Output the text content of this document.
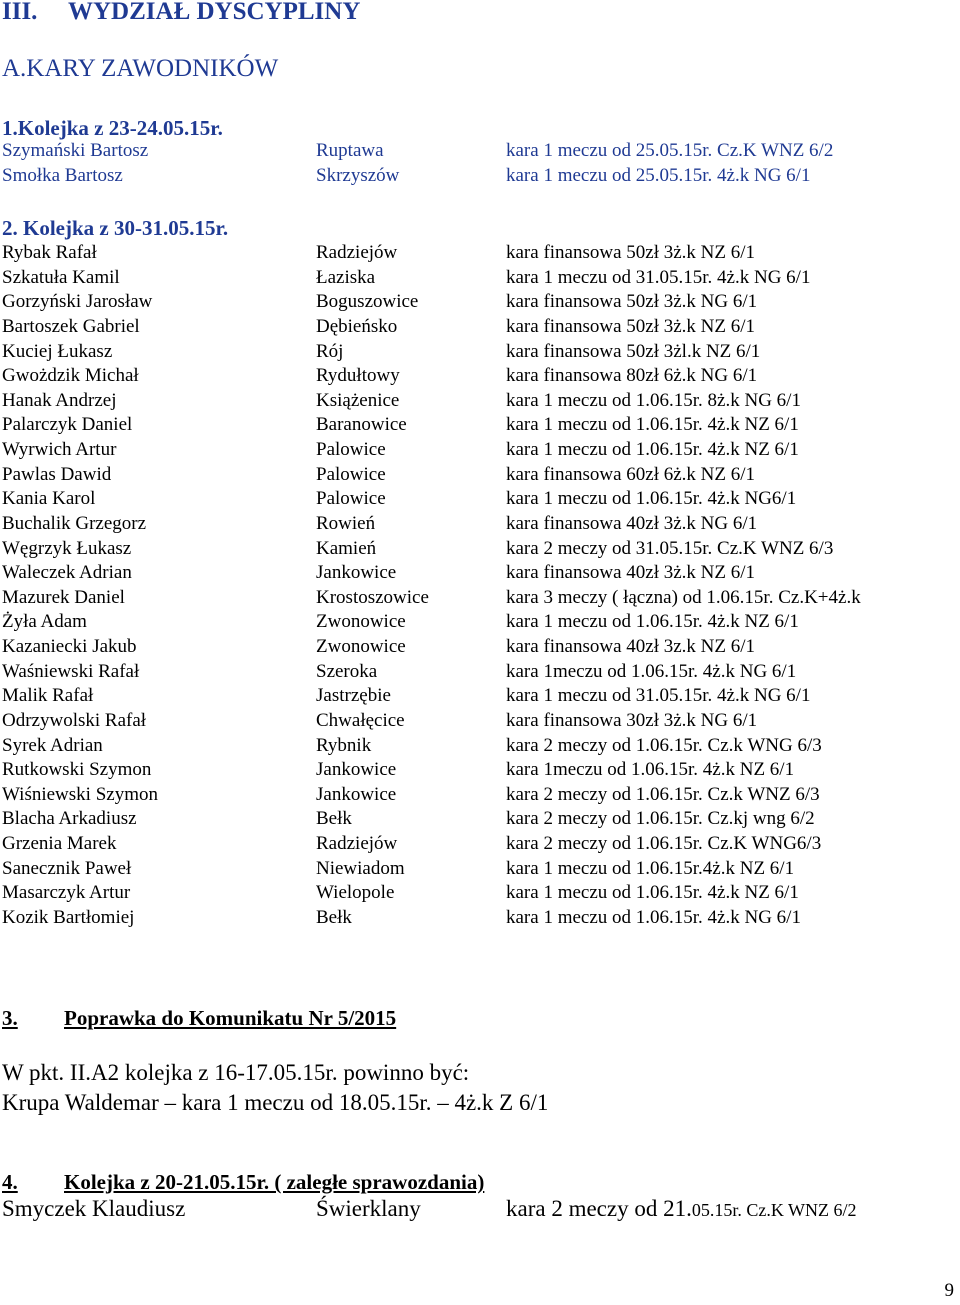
III. WYDZIAŁ DYSCYPLINY
A.KARY ZAWODNIKÓW
1.Kolejka z 23-24.05.15r.
Szymański Bartosz	Ruptawa	kara 1 meczu od 25.05.15r. Cz.K WNZ 6/2
Smołka Bartosz	Skrzyszów	kara 1 meczu od 25.05.15r. 4ż.k NG 6/1
2. Kolejka z 30-31.05.15r.
Rybak Rafał	Radziejów	kara finansowa 50zł 3ż.k NZ 6/1
Szkatuła Kamil	Łaziska	kara 1 meczu od 31.05.15r. 4ż.k NG 6/1
Gorzyński Jarosław	Boguszowice	kara finansowa 50zł 3ż.k NG 6/1
Bartoszek Gabriel	Dębieńsko	kara finansowa 50zł 3ż.k NZ 6/1
Kuciej Łukasz	Rój	kara finansowa 50zł 3żl.k NZ 6/1
Gwożdzik Michał	Rydułtowy	kara finansowa 80zł 6ż.k NG 6/1
Hanak Andrzej	Książenice	kara 1 meczu od 1.06.15r. 8ż.k NG 6/1
Palarczyk Daniel	Baranowice	kara 1 meczu od 1.06.15r. 4ż.k NZ 6/1
Wyrwich Artur	Palowice	kara 1 meczu od 1.06.15r. 4ż.k NZ 6/1
Pawlas Dawid	Palowice	kara finansowa 60zł 6ż.k NZ 6/1
Kania Karol	Palowice	kara 1 meczu od 1.06.15r. 4ż.k NG6/1
Buchalik Grzegorz	Rowień	kara finansowa 40zł 3ż.k NG 6/1
Węgrzyk Łukasz	Kamień	kara 2 meczy od 31.05.15r. Cz.K WNZ 6/3
Waleczek Adrian	Jankowice	kara finansowa 40zł 3ż.k NZ 6/1
Mazurek Daniel	Krostoszowice	kara 3 meczy ( łączna) od 1.06.15r. Cz.K+4ż.k
Żyła Adam	Zwonowice	kara 1 meczu od 1.06.15r. 4ż.k NZ 6/1
Kazaniecki Jakub	Zwonowice	kara finansowa 40zł 3z.k NZ 6/1
Waśniewski Rafał	Szeroka	kara 1meczu od 1.06.15r. 4ż.k NG 6/1
Malik Rafał	Jastrzębie	kara 1 meczu od 31.05.15r. 4ż.k NG 6/1
Odrzywolski Rafał	Chwałęcice	kara finansowa 30zł 3ż.k NG 6/1
Syrek Adrian	Rybnik	kara 2 meczy od 1.06.15r. Cz.k WNG 6/3
Rutkowski Szymon	Jankowice	kara 1meczu od 1.06.15r. 4ż.k NZ 6/1
Wiśniewski Szymon	Jankowice	kara 2 meczy od 1.06.15r. Cz.k WNZ 6/3
Blacha Arkadiusz	Bełk	kara 2 meczy od 1.06.15r. Cz.kj wng 6/2
Grzenia Marek	Radziejów	kara 2 meczy od 1.06.15r. Cz.K WNG6/3
Sanecznik Paweł	Niewiadom	kara 1 meczu od 1.06.15r.4ż.k NZ 6/1
Masarczyk Artur	Wielopole	kara 1 meczu od 1.06.15r. 4ż.k NZ 6/1
Kozik Bartłomiej	Bełk	kara 1 meczu od 1.06.15r. 4ż.k NG 6/1
3. Poprawka do Komunikatu Nr 5/2015
W pkt. II.A2 kolejka z 16-17.05.15r. powinno być:
Krupa Waldemar – kara 1 meczu od 18.05.15r. – 4ż.k Z 6/1
4. Kolejka z 20-21.05.15r. ( zaległe sprawozdania)
Smyczek Klaudiusz	Świerklany	kara 2 meczy od 21.05.15r. Cz.K WNZ 6/2
9
